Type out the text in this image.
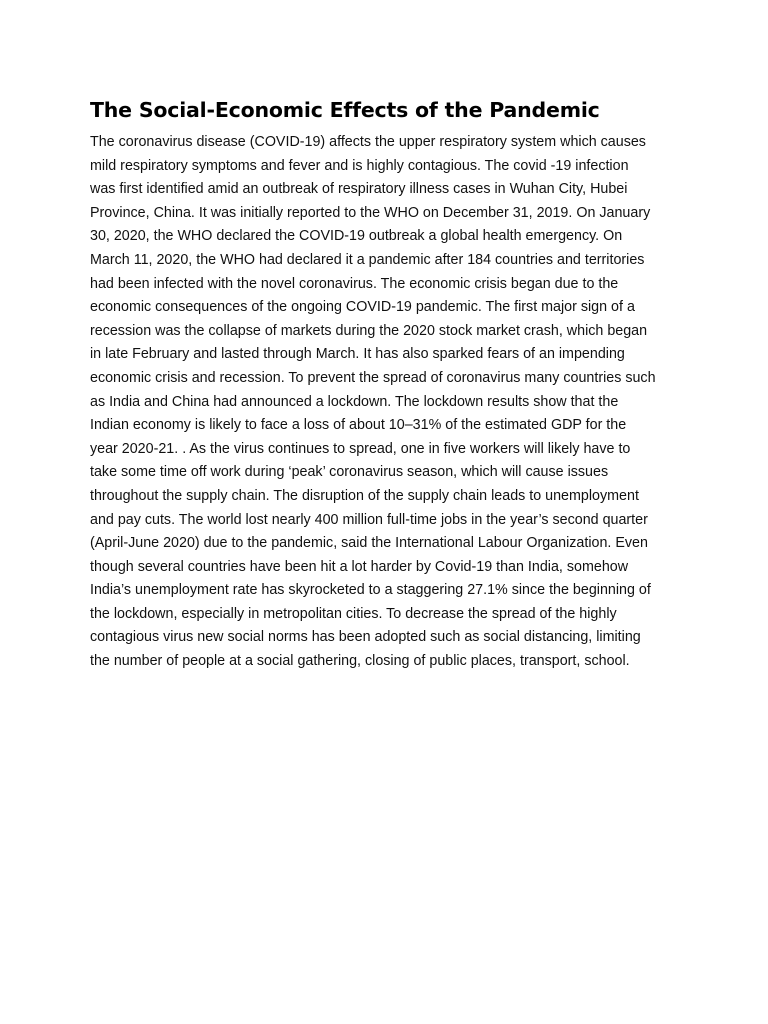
The Social-Economic Effects of the Pandemic

The coronavirus disease (COVID-19) affects the upper respiratory system which causes
mild respiratory symptoms and fever and is highly contagious. The covid -19 infection
was first identified amid an outbreak of respiratory illness cases in Wuhan City, Hubei
Province, China. It was initially reported to the WHO on December 31, 2019. On January
30, 2020, the WHO declared the COVID-19 outbreak a global health emergency. On
March 11, 2020, the WHO had declared it a pandemic after 184 countries and territories
had been infected with the novel coronavirus. The economic crisis began due to the
economic consequences of the ongoing COVID-19 pandemic. The first major sign of a
recession was the collapse of markets during the 2020 stock market crash, which began
in late February and lasted through March. It has also sparked fears of an impending
economic crisis and recession. To prevent the spread of coronavirus many countries such
as India and China had announced a lockdown. The lockdown results show that the
Indian economy is likely to face a loss of about 10–31% of the estimated GDP for the
year 2020-21. . As the virus continues to spread, one in five workers will likely have to
take some time off work during ‘peak’ coronavirus season, which will cause issues
throughout the supply chain. The disruption of the supply chain leads to unemployment
and pay cuts. The world lost nearly 400 million full-time jobs in the year’s second quarter
(April-June 2020) due to the pandemic, said the International Labour Organization. Even
though several countries have been hit a lot harder by Covid-19 than India, somehow
India’s unemployment rate has skyrocketed to a staggering 27.1% since the beginning of
the lockdown, especially in metropolitan cities. To decrease the spread of the highly
contagious virus new social norms has been adopted such as social distancing, limiting
the number of people at a social gathering, closing of public places, transport, school.
